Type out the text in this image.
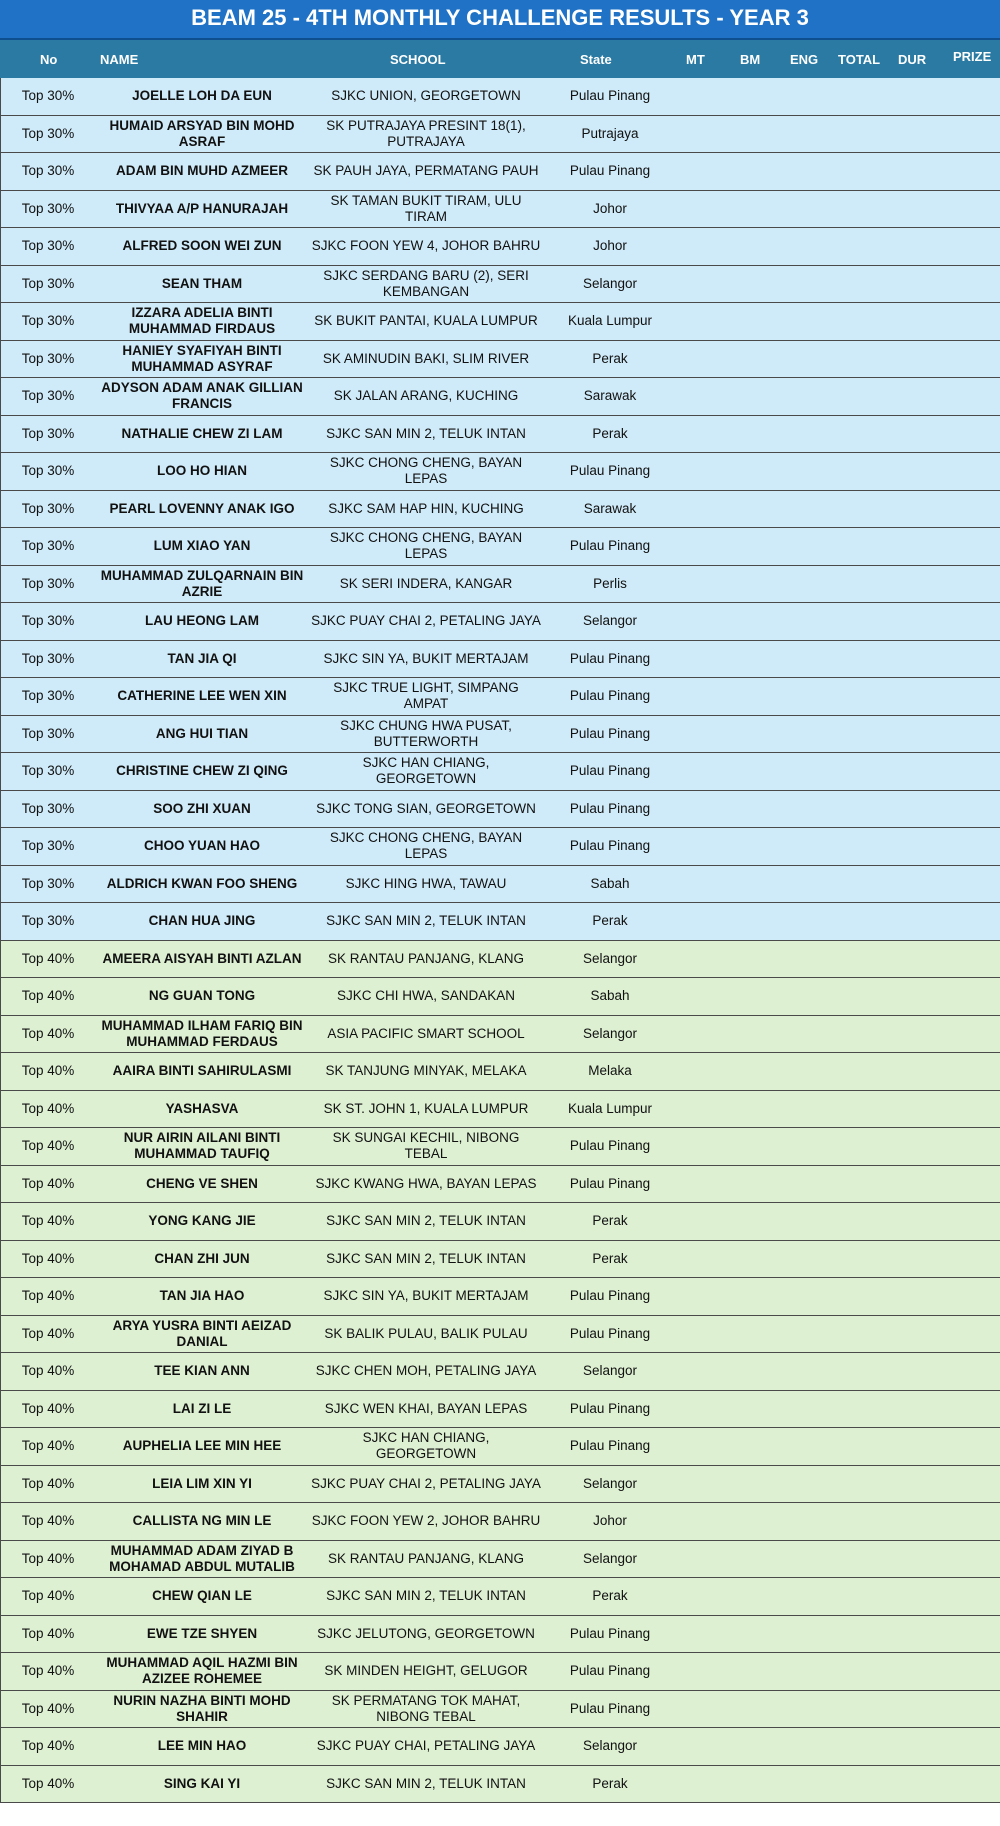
BEAM 25 - 4TH MONTHLY CHALLENGE RESULTS - YEAR 3
No	NAME	SCHOOL	State	MT	BM ENG TOTAL DUR PRIZE
Top 30%	JOELLE LOH DA EUN	SJKC UNION, GEORGETOWN	Pulau Pinang						
Top 30%	HUMAID ARSYAD BIN MOHD ASRAF	SK PUTRAJAYA PRESINT 18(1), PUTRAJAYA	Putrajaya						
Top 30%	ADAM BIN MUHD AZMEER	SK PAUH JAYA, PERMATANG PAUH	Pulau Pinang						
Top 30%	THIVYAA A/P HANURAJAH	SK TAMAN BUKIT TIRAM, ULU TIRAM	Johor						
Top 30%	ALFRED SOON WEI ZUN	SJKC FOON YEW 4, JOHOR BAHRU	Johor						
Top 30%	SEAN THAM	SJKC SERDANG BARU (2), SERI KEMBANGAN	Selangor						
Top 30%	IZZARA ADELIA BINTI MUHAMMAD FIRDAUS	SK BUKIT PANTAI, KUALA LUMPUR	Kuala Lumpur						
Top 30%	HANIEY SYAFIYAH BINTI MUHAMMAD ASYRAF	SK AMINUDIN BAKI, SLIM RIVER	Perak						
Top 30%	ADYSON ADAM ANAK GILLIAN FRANCIS	SK JALAN ARANG, KUCHING	Sarawak						
Top 30%	NATHALIE CHEW ZI LAM	SJKC SAN MIN 2, TELUK INTAN	Perak						
Top 30%	LOO HO HIAN	SJKC CHONG CHENG, BAYAN LEPAS	Pulau Pinang						
Top 30%	PEARL LOVENNY ANAK IGO	SJKC SAM HAP HIN, KUCHING	Sarawak						
Top 30%	LUM XIAO YAN	SJKC CHONG CHENG, BAYAN LEPAS	Pulau Pinang						
Top 30%	MUHAMMAD ZULQARNAIN BIN AZRIE	SK SERI INDERA, KANGAR	Perlis						
Top 30%	LAU HEONG LAM	SJKC PUAY CHAI 2, PETALING JAYA	Selangor						
Top 30%	TAN JIA QI	SJKC SIN YA, BUKIT MERTAJAM	Pulau Pinang						
Top 30%	CATHERINE LEE WEN XIN	SJKC TRUE LIGHT, SIMPANG AMPAT	Pulau Pinang						
Top 30%	ANG HUI TIAN	SJKC CHUNG HWA PUSAT, BUTTERWORTH	Pulau Pinang						
Top 30%	CHRISTINE CHEW ZI QING	SJKC HAN CHIANG, GEORGETOWN	Pulau Pinang						
Top 30%	SOO ZHI XUAN	SJKC TONG SIAN, GEORGETOWN	Pulau Pinang						
Top 30%	CHOO YUAN HAO	SJKC CHONG CHENG, BAYAN LEPAS	Pulau Pinang						
Top 30%	ALDRICH KWAN FOO SHENG	SJKC HING HWA, TAWAU	Sabah						
Top 30%	CHAN HUA JING	SJKC SAN MIN 2, TELUK INTAN	Perak						
Top 40%	AMEERA AISYAH BINTI AZLAN	SK RANTAU PANJANG, KLANG	Selangor						
Top 40%	NG GUAN TONG	SJKC CHI HWA, SANDAKAN	Sabah						
Top 40%	MUHAMMAD ILHAM FARIQ BIN MUHAMMAD FERDAUS	ASIA PACIFIC SMART SCHOOL	Selangor						
Top 40%	AAIRA BINTI SAHIRULASMI	SK TANJUNG MINYAK, MELAKA	Melaka						
Top 40%	YASHASVA	SK ST. JOHN 1, KUALA LUMPUR	Kuala Lumpur						
Top 40%	NUR AIRIN AILANI BINTI MUHAMMAD TAUFIQ	SK SUNGAI KECHIL, NIBONG TEBAL	Pulau Pinang						
Top 40%	CHENG VE SHEN	SJKC KWANG HWA, BAYAN LEPAS	Pulau Pinang						
Top 40%	YONG KANG JIE	SJKC SAN MIN 2, TELUK INTAN	Perak						
Top 40%	CHAN ZHI JUN	SJKC SAN MIN 2, TELUK INTAN	Perak						
Top 40%	TAN JIA HAO	SJKC SIN YA, BUKIT MERTAJAM	Pulau Pinang						
Top 40%	ARYA YUSRA BINTI AEIZAD DANIAL	SK BALIK PULAU, BALIK PULAU	Pulau Pinang						
Top 40%	TEE KIAN ANN	SJKC CHEN MOH, PETALING JAYA	Selangor						
Top 40%	LAI ZI LE	SJKC WEN KHAI, BAYAN LEPAS	Pulau Pinang						
Top 40%	AUPHELIA LEE MIN HEE	SJKC HAN CHIANG, GEORGETOWN	Pulau Pinang						
Top 40%	LEIA LIM XIN YI	SJKC PUAY CHAI 2, PETALING JAYA	Selangor						
Top 40%	CALLISTA NG MIN LE	SJKC FOON YEW 2, JOHOR BAHRU	Johor						
Top 40%	MUHAMMAD ADAM ZIYAD B MOHAMAD ABDUL MUTALIB	SK RANTAU PANJANG, KLANG	Selangor						
Top 40%	CHEW QIAN LE	SJKC SAN MIN 2, TELUK INTAN	Perak						
Top 40%	EWE TZE SHYEN	SJKC JELUTONG, GEORGETOWN	Pulau Pinang						
Top 40%	MUHAMMAD AQIL HAZMI BIN AZIZEE ROHEMEE	SK MINDEN HEIGHT, GELUGOR	Pulau Pinang						
Top 40%	NURIN NAZHA BINTI MOHD SHAHIR	SK PERMATANG TOK MAHAT, NIBONG TEBAL	Pulau Pinang						
Top 40%	LEE MIN HAO	SJKC PUAY CHAI, PETALING JAYA	Selangor						
Top 40%	SING KAI YI	SJKC SAN MIN 2, TELUK INTAN	Perak						
